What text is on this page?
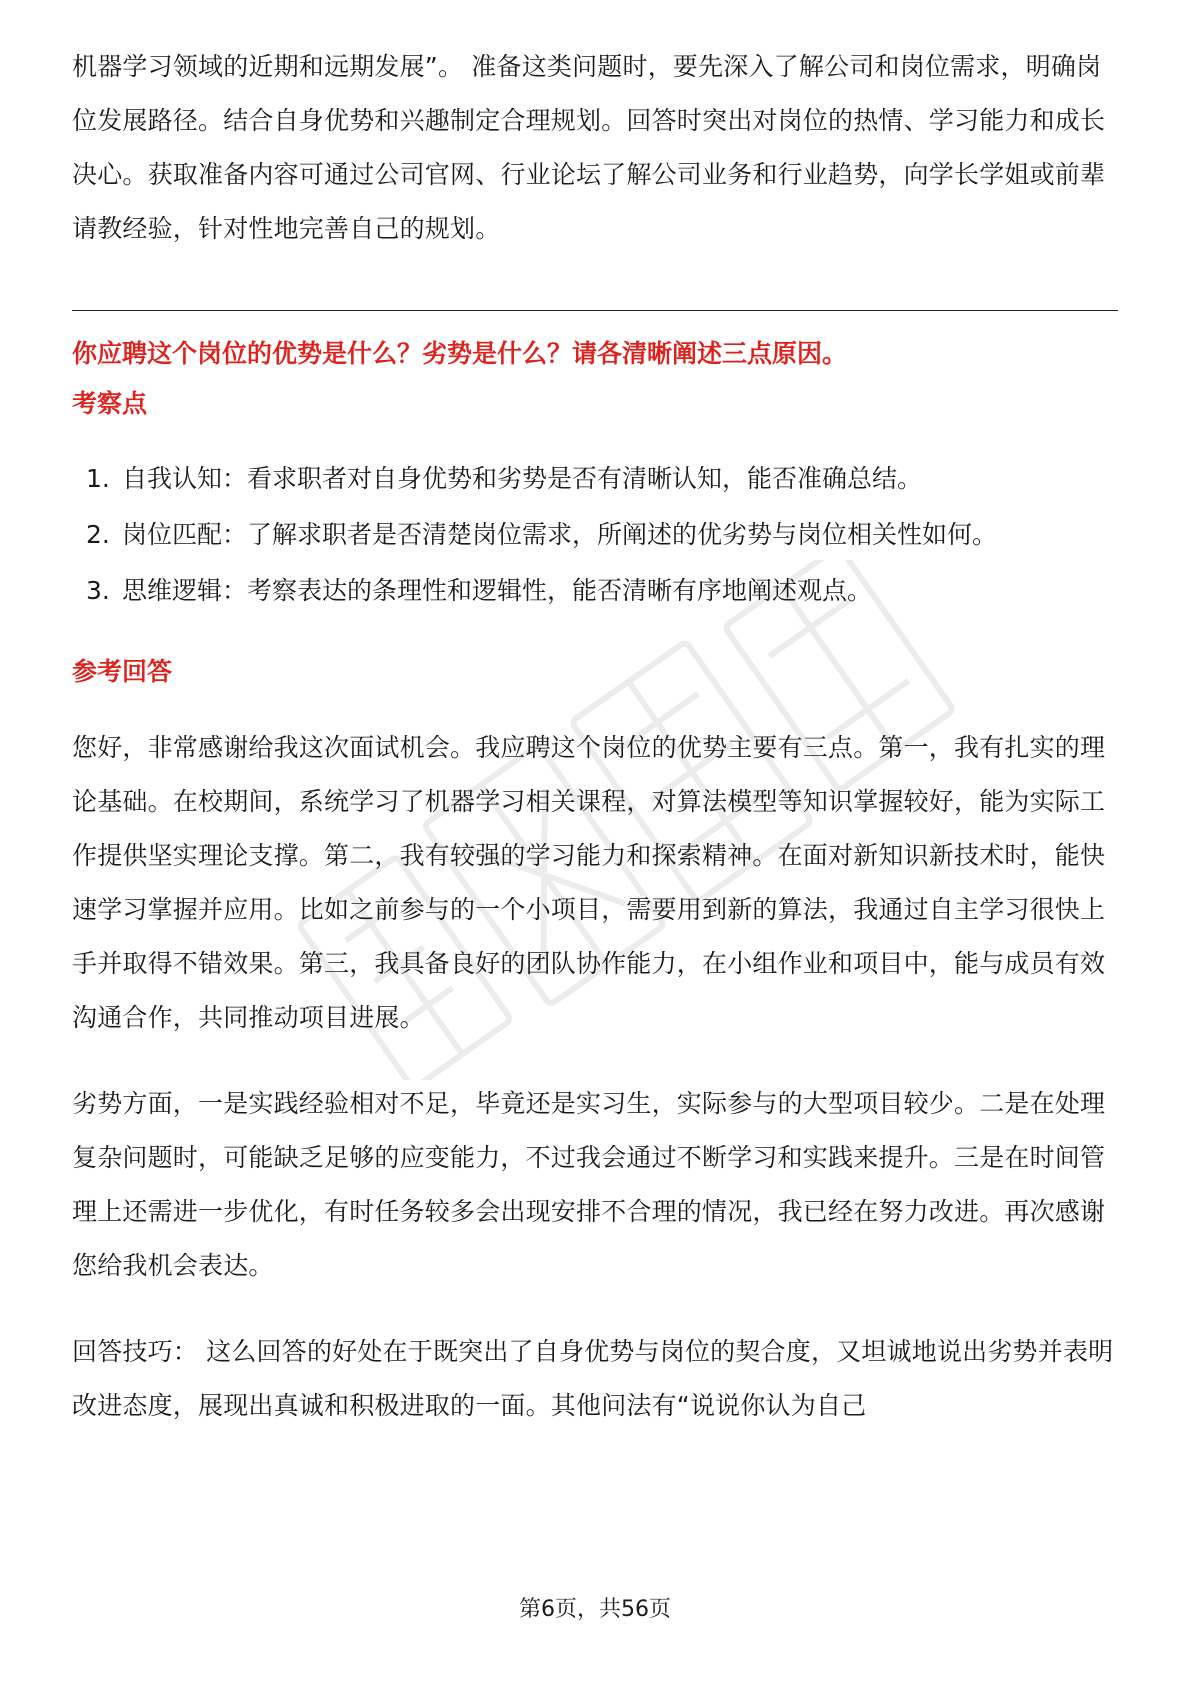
机器学习领域的近期和远期发展”。 准备这类问题时，要先深入了解公司和岗位需求，明确岗位发展路径。结合自身优势和兴趣制定合理规划。回答时突出对岗位的热情、学习能力和成长决心。获取准备内容可通过公司官网、行业论坛了解公司业务和行业趋势，向学长学姐或前辈请教经验，针对性地完善自己的规划。

你应聘这个岗位的优势是什么？劣势是什么？请各清晰阐述三点原因。

考察点

1. 自我认知：看求职者对自身优势和劣势是否有清晰认知，能否准确总结。
2. 岗位匹配：了解求职者是否清楚岗位需求，所阐述的优劣势与岗位相关性如何。
3. 思维逻辑：考察表达的条理性和逻辑性，能否清晰有序地阐述观点。

参考回答

您好，非常感谢给我这次面试机会。我应聘这个岗位的优势主要有三点。第一，我有扎实的理论基础。在校期间，系统学习了机器学习相关课程，对算法模型等知识掌握较好，能为实际工作提供坚实理论支撑。第二，我有较强的学习能力和探索精神。在面对新知识新技术时，能快速学习掌握并应用。比如之前参与的一个小项目，需要用到新的算法，我通过自主学习很快上手并取得不错效果。第三，我具备良好的团队协作能力，在小组作业和项目中，能与成员有效沟通合作，共同推动项目进展。

劣势方面，一是实践经验相对不足，毕竟还是实习生，实际参与的大型项目较少。二是在处理复杂问题时，可能缺乏足够的应变能力，不过我会通过不断学习和实践来提升。三是在时间管理上还需进一步优化，有时任务较多会出现安排不合理的情况，我已经在努力改进。再次感谢您给我机会表达。

回答技巧： 这么回答的好处在于既突出了自身优势与岗位的契合度，又坦诚地说出劣势并表明改进态度，展现出真诚和积极进取的一面。其他问法有“说说你认为自己

第6页，共56页
